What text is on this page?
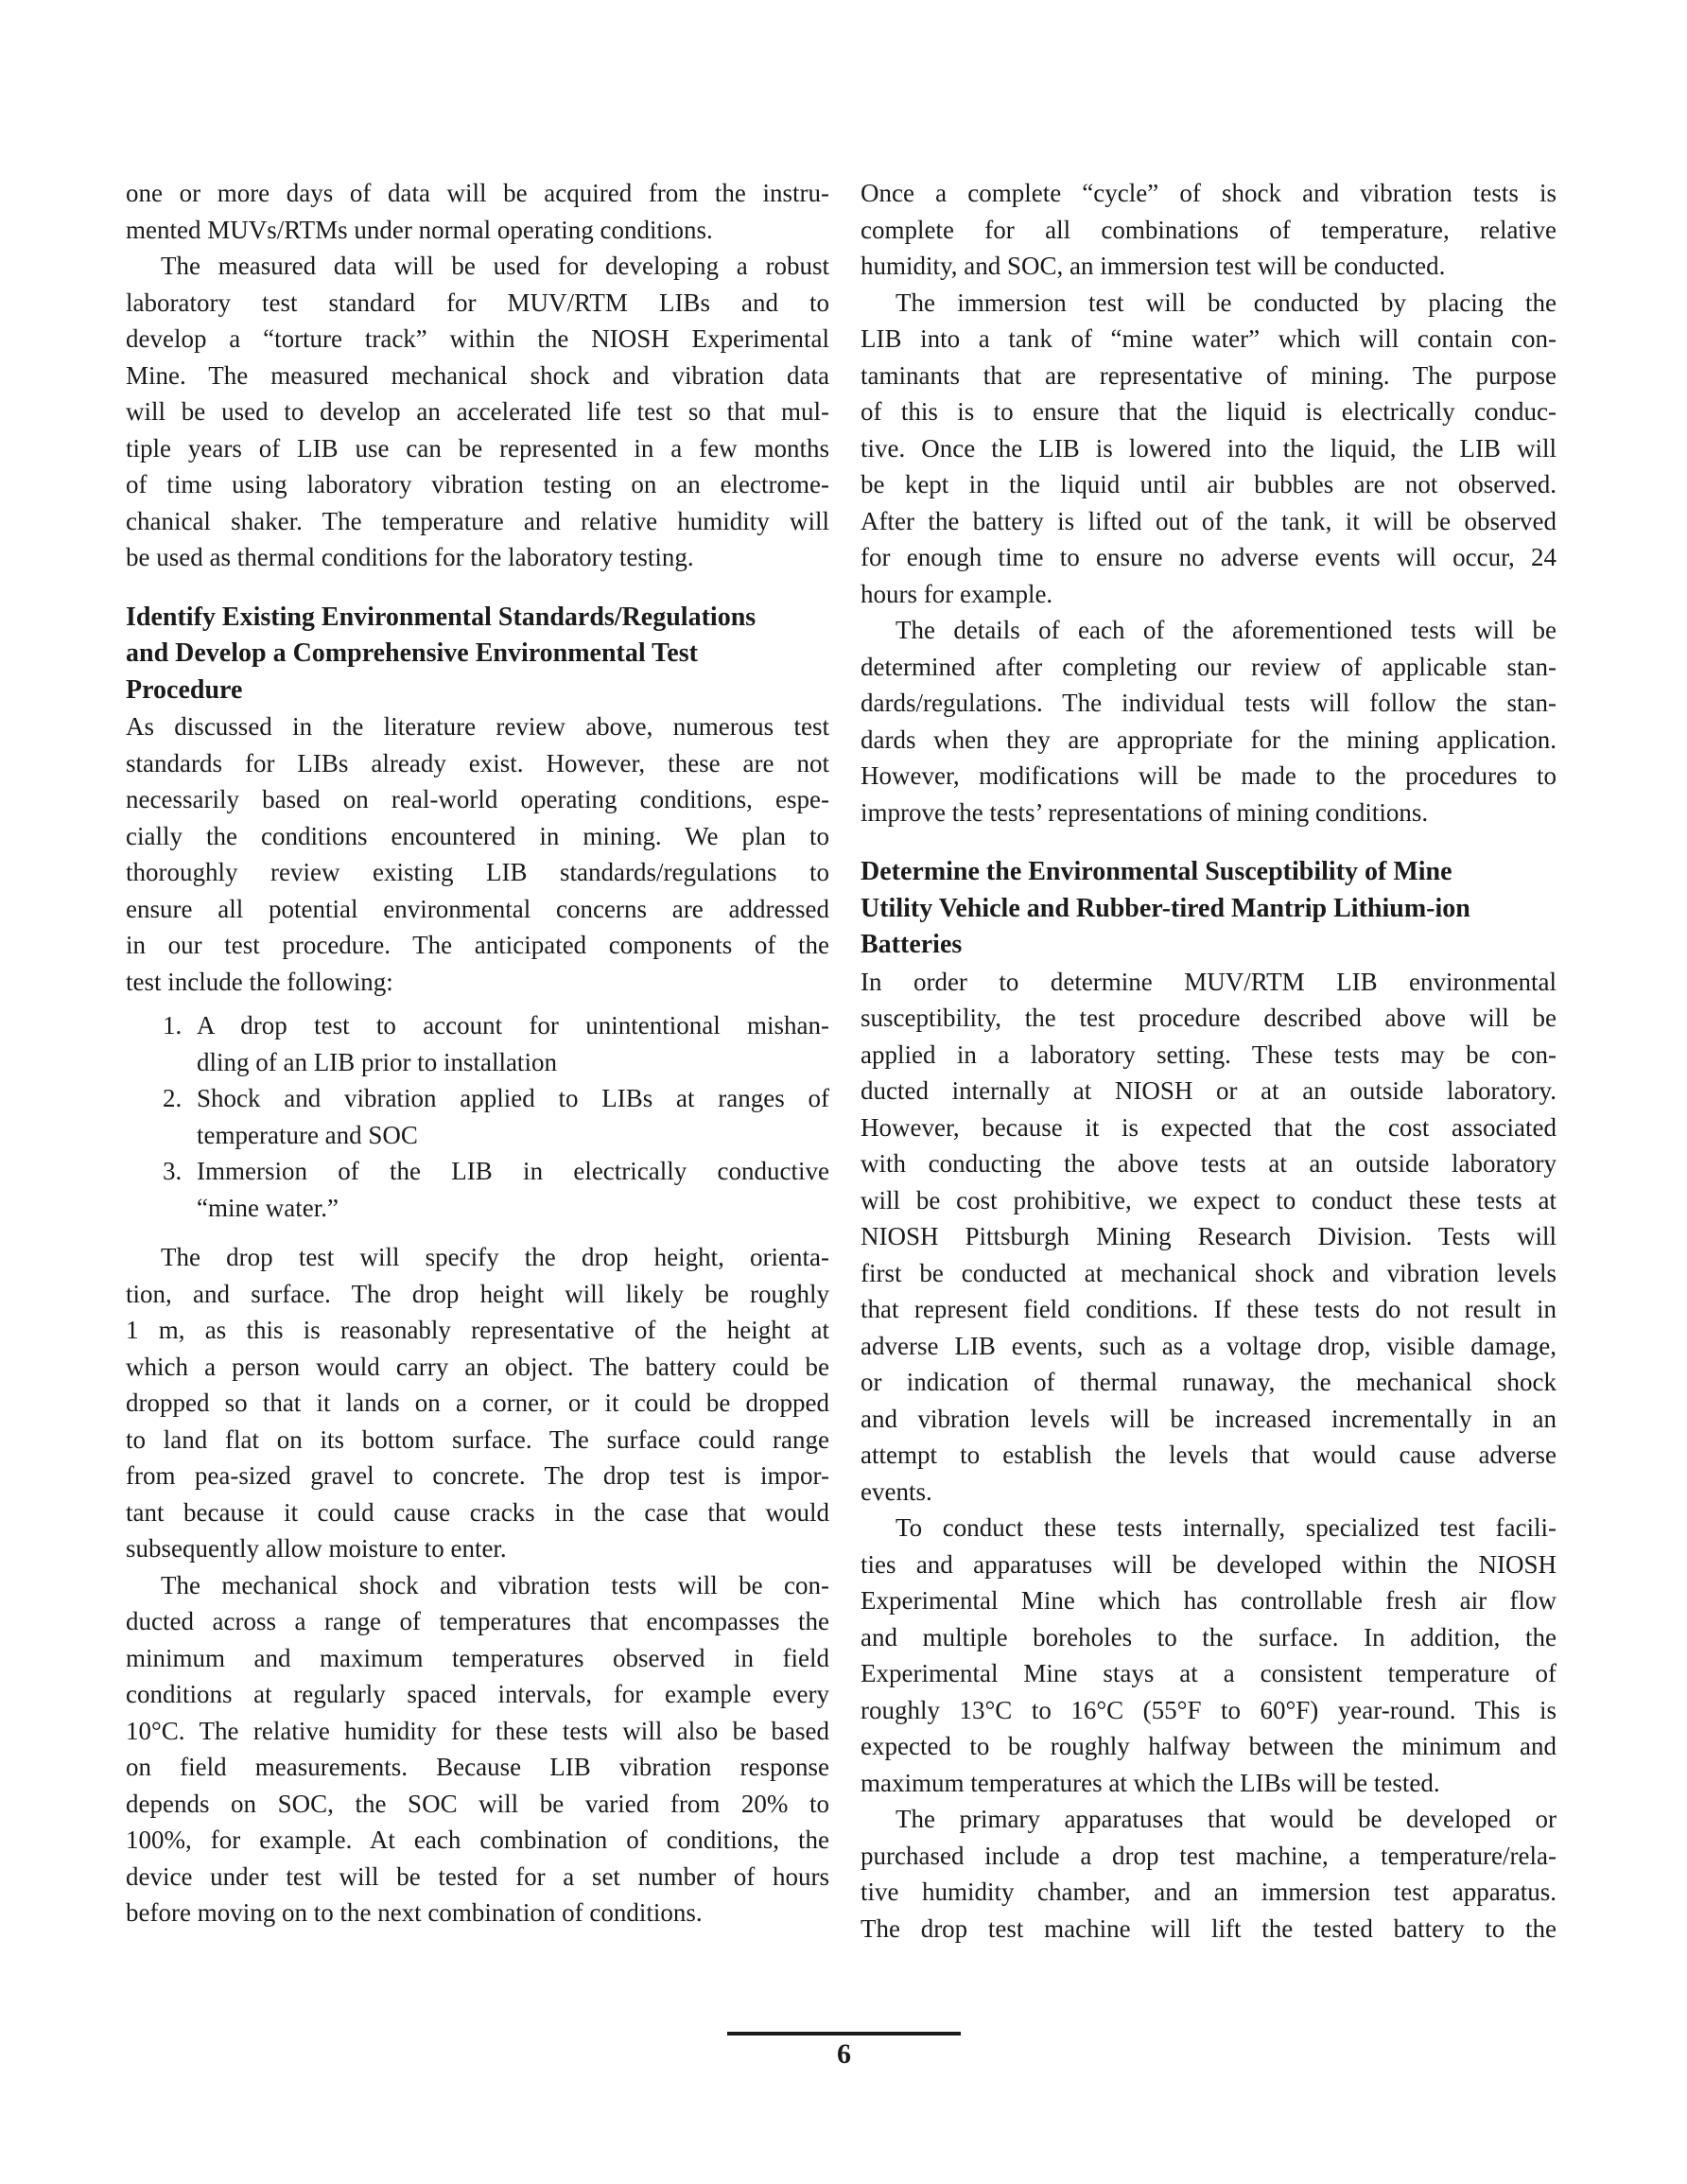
one or more days of data will be acquired from the instru-
mented MUVs/RTMs under normal operating conditions.
The measured data will be used for developing a robust
laboratory test standard for MUV/RTM LIBs and to
develop a “torture track” within the NIOSH Experimental
Mine. The measured mechanical shock and vibration data
will be used to develop an accelerated life test so that mul-
tiple years of LIB use can be represented in a few months
of time using laboratory vibration testing on an electrome-
chanical shaker. The temperature and relative humidity will
be used as thermal conditions for the laboratory testing.
Identify Existing Environmental Standards/Regulations
and Develop a Comprehensive Environmental Test
Procedure
As discussed in the literature review above, numerous test
standards for LIBs already exist. However, these are not
necessarily based on real-world operating conditions, espe-
cially the conditions encountered in mining. We plan to
thoroughly review existing LIB standards/regulations to
ensure all potential environmental concerns are addressed
in our test procedure. The anticipated components of the
test include the following:
1. A drop test to account for unintentional mishan-
dling of an LIB prior to installation
2. Shock and vibration applied to LIBs at ranges of
temperature and SOC
3. Immersion of the LIB in electrically conductive
“mine water.”
The drop test will specify the drop height, orienta-
tion, and surface. The drop height will likely be roughly
1 m, as this is reasonably representative of the height at
which a person would carry an object. The battery could be
dropped so that it lands on a corner, or it could be dropped
to land flat on its bottom surface. The surface could range
from pea-sized gravel to concrete. The drop test is impor-
tant because it could cause cracks in the case that would
subsequently allow moisture to enter.
The mechanical shock and vibration tests will be con-
ducted across a range of temperatures that encompasses the
minimum and maximum temperatures observed in field
conditions at regularly spaced intervals, for example every
10°C. The relative humidity for these tests will also be based
on field measurements. Because LIB vibration response
depends on SOC, the SOC will be varied from 20% to
100%, for example. At each combination of conditions, the
device under test will be tested for a set number of hours
before moving on to the next combination of conditions.
Once a complete “cycle” of shock and vibration tests is
complete for all combinations of temperature, relative
humidity, and SOC, an immersion test will be conducted.
The immersion test will be conducted by placing the
LIB into a tank of “mine water” which will contain con-
taminants that are representative of mining. The purpose
of this is to ensure that the liquid is electrically conduc-
tive. Once the LIB is lowered into the liquid, the LIB will
be kept in the liquid until air bubbles are not observed.
After the battery is lifted out of the tank, it will be observed
for enough time to ensure no adverse events will occur, 24
hours for example.
The details of each of the aforementioned tests will be
determined after completing our review of applicable stan-
dards/regulations. The individual tests will follow the stan-
dards when they are appropriate for the mining application.
However, modifications will be made to the procedures to
improve the tests’ representations of mining conditions.
Determine the Environmental Susceptibility of Mine
Utility Vehicle and Rubber-tired Mantrip Lithium-ion
Batteries
In order to determine MUV/RTM LIB environmental
susceptibility, the test procedure described above will be
applied in a laboratory setting. These tests may be con-
ducted internally at NIOSH or at an outside laboratory.
However, because it is expected that the cost associated
with conducting the above tests at an outside laboratory
will be cost prohibitive, we expect to conduct these tests at
NIOSH Pittsburgh Mining Research Division. Tests will
first be conducted at mechanical shock and vibration levels
that represent field conditions. If these tests do not result in
adverse LIB events, such as a voltage drop, visible damage,
or indication of thermal runaway, the mechanical shock
and vibration levels will be increased incrementally in an
attempt to establish the levels that would cause adverse
events.
To conduct these tests internally, specialized test facili-
ties and apparatuses will be developed within the NIOSH
Experimental Mine which has controllable fresh air flow
and multiple boreholes to the surface. In addition, the
Experimental Mine stays at a consistent temperature of
roughly 13°C to 16°C (55°F to 60°F) year-round. This is
expected to be roughly halfway between the minimum and
maximum temperatures at which the LIBs will be tested.
The primary apparatuses that would be developed or
purchased include a drop test machine, a temperature/rela-
tive humidity chamber, and an immersion test apparatus.
The drop test machine will lift the tested battery to the
6
